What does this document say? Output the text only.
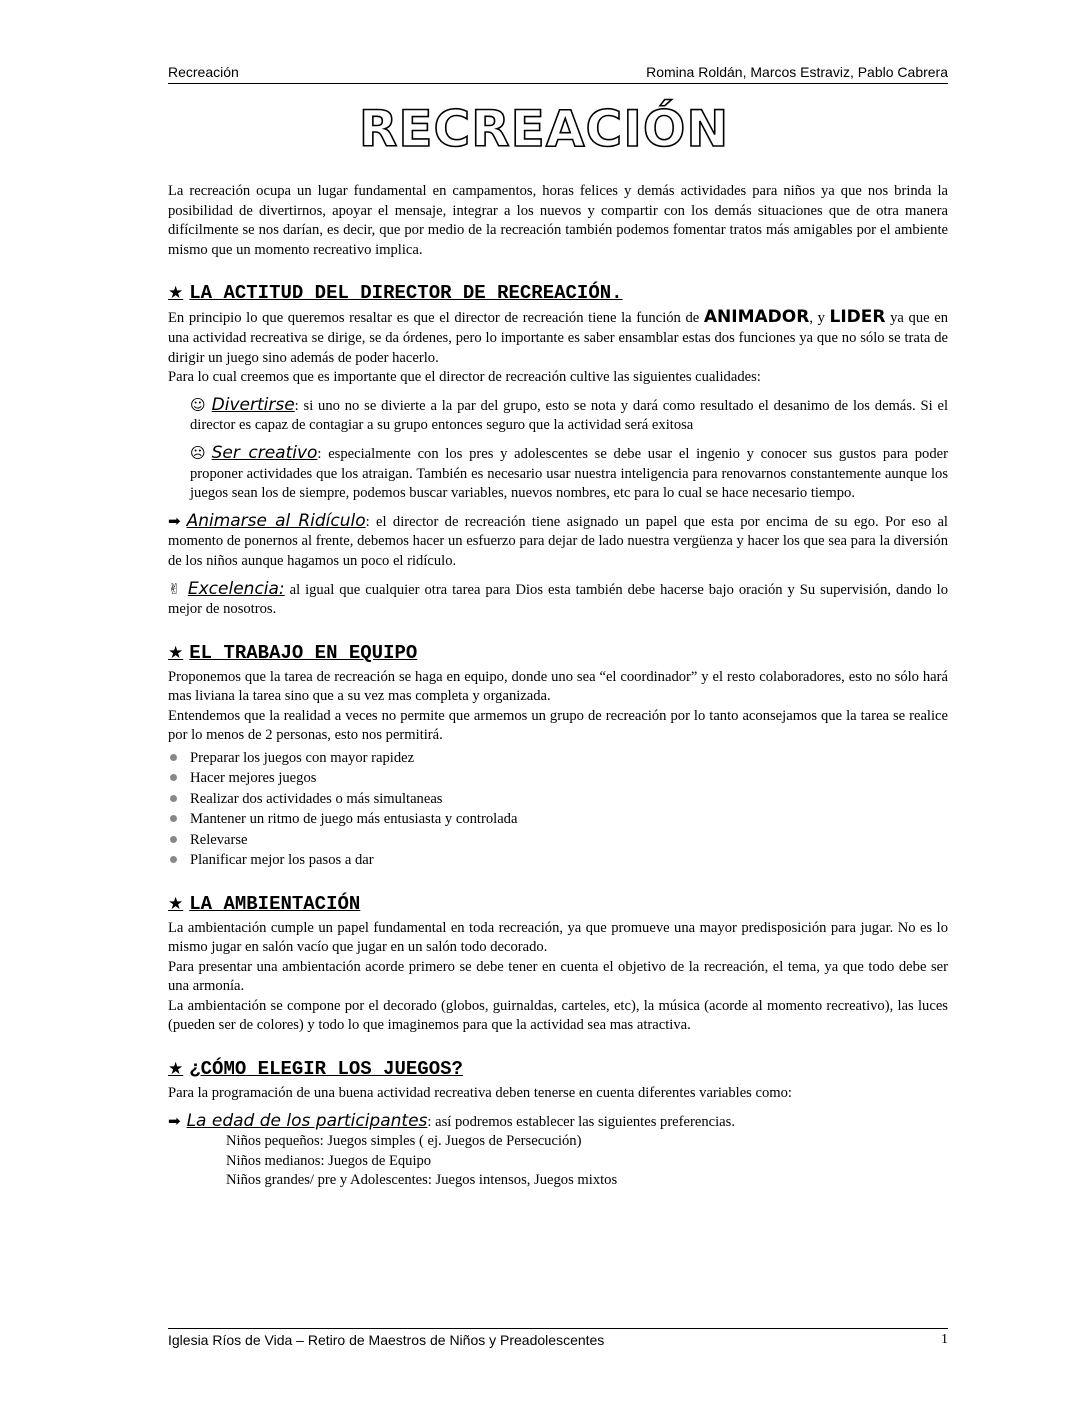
Recreación	Romina Roldán, Marcos Estraviz, Pablo Cabrera
RECREACIÓN

La recreación ocupa un lugar fundamental en campamentos, horas felices y demás actividades para niños ya que nos brinda la posibilidad de divertirnos, apoyar el mensaje, integrar a los nuevos y compartir con los demás situaciones que de otra manera difícilmente se nos darían, es decir, que por medio de la recreación también podemos fomentar tratos más amigables por el ambiente mismo que un momento recreativo implica.

★ LA ACTITUD DEL DIRECTOR DE RECREACIÓN.

En principio lo que queremos resaltar es que el director de recreación tiene la función de ANIMADOR, y LIDER ya que en una actividad recreativa se dirige, se da órdenes, pero lo importante es saber ensamblar estas dos funciones ya que no sólo se trata de dirigir un juego sino además de poder hacerlo.

Para lo cual creemos que es importante que el director de recreación cultive las siguientes cualidades:

☺ Divertirse: si uno no se divierte a la par del grupo, esto se nota y dará como resultado el desanimo de los demás. Si el director es capaz de contagiar a su grupo entonces seguro que la actividad será exitosa

☹ Ser creativo: especialmente con los pres y adolescentes se debe usar el ingenio y conocer sus gustos para poder proponer actividades que los atraigan. También es necesario usar nuestra inteligencia para renovarnos constantemente aunque los juegos sean los de siempre, podemos buscar variables, nuevos nombres, etc para lo cual se hace necesario tiempo.

➡ Animarse al Ridículo: el director de recreación tiene asignado un papel que esta por encima de su ego. Por eso al momento de ponernos al frente, debemos hacer un esfuerzo para dejar de lado nuestra vergüenza y hacer los que sea para la diversión de los niños aunque hagamos un poco el ridículo.

✌ Excelencia: al igual que cualquier otra tarea para Dios esta también debe hacerse bajo oración y Su supervisión, dando lo mejor de nosotros.

★ EL TRABAJO EN EQUIPO

Proponemos que la tarea de recreación se haga en equipo, donde uno sea “el coordinador” y el resto colaboradores, esto no sólo hará mas liviana la tarea sino que a su vez mas completa y organizada.

Entendemos que la realidad a veces no permite que armemos un grupo de recreación por lo tanto aconsejamos que la tarea se realice por lo menos de 2 personas, esto nos permitirá.

Preparar los juegos con mayor rapidez
Hacer mejores juegos
Realizar dos actividades o más simultaneas
Mantener un ritmo de juego más entusiasta y controlada
Relevarse
Planificar mejor los pasos a dar
★ LA AMBIENTACIÓN

La ambientación cumple un papel fundamental en toda recreación, ya que promueve una mayor predisposición para jugar. No es lo mismo jugar en salón vacío que jugar en un salón todo decorado.

Para presentar una ambientación acorde primero se debe tener en cuenta el objetivo de la recreación, el tema, ya que todo debe ser una armonía.

La ambientación se compone por el decorado (globos, guirnaldas, carteles, etc), la música (acorde al momento recreativo), las luces (pueden ser de colores) y todo lo que imaginemos para que la actividad sea mas atractiva.

★ ¿CÓMO ELEGIR LOS JUEGOS?

Para la programación de una buena actividad recreativa deben tenerse en cuenta diferentes variables como:

➡ La edad de los participantes: así podremos establecer las siguientes preferencias.

Niños pequeños: Juegos simples ( ej. Juegos de Persecución)

Niños medianos: Juegos de Equipo

Niños grandes/ pre y Adolescentes: Juegos intensos, Juegos mixtos

Iglesia Ríos de Vida – Retiro de Maestros de Niños y Preadolescentes	1
